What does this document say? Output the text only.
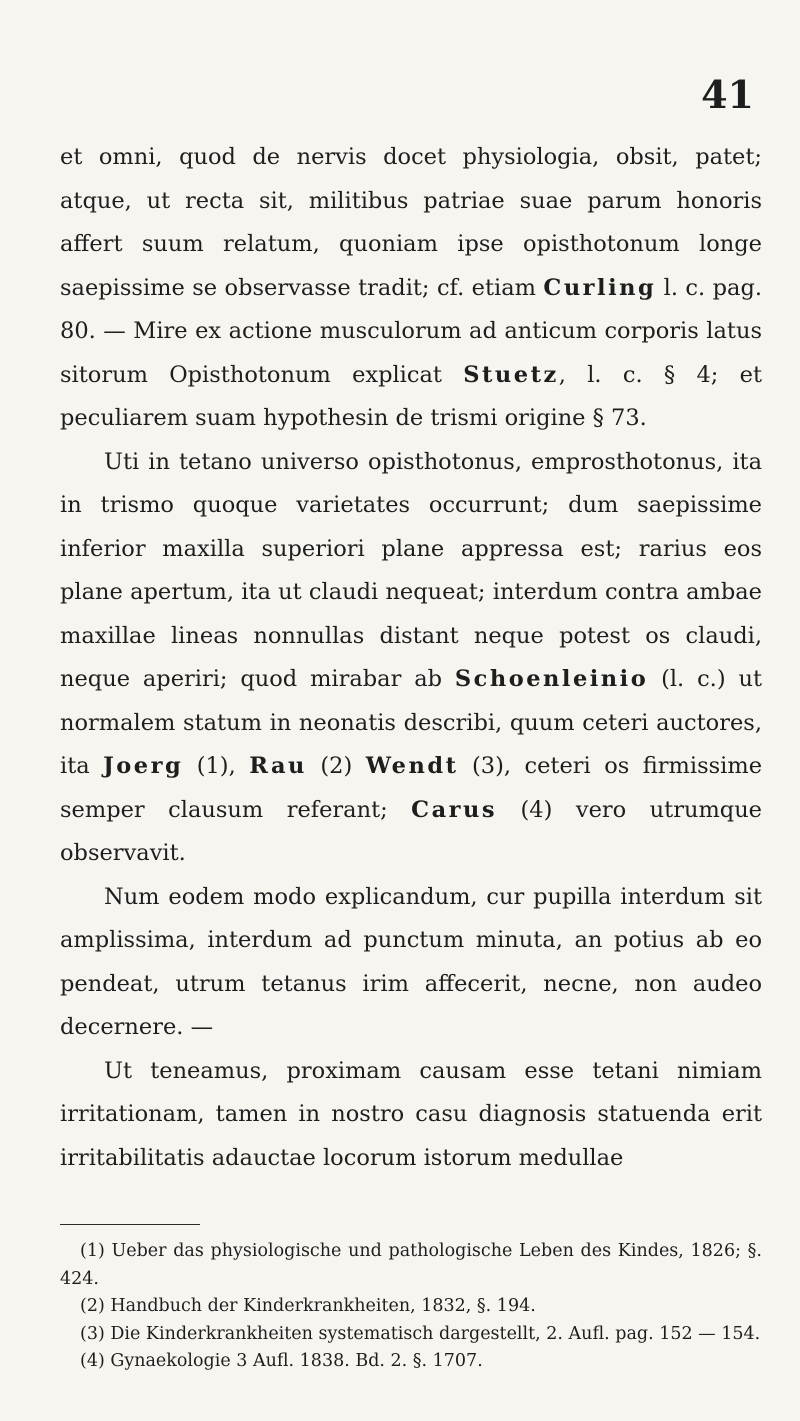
41

et omni, quod de nervis docet physiologia, obsit, patet; atque, ut recta sit, militibus patriae suae parum honoris affert suum relatum, quoniam ipse opisthotonum longe saepissime se observasse tradit; cf. etiam Curling l. c. pag. 80. — Mire ex actione musculorum ad anticum corporis latus sitorum Opisthotonum explicat Stuetz, l. c. § 4; et peculiarem suam hypothesin de trismi origine § 73.

Uti in tetano universo opisthotonus, emprosthotonus, ita in trismo quoque varietates occurrunt; dum saepissime inferior maxilla superiori plane appressa est; rarius eos plane apertum, ita ut claudi nequeat; interdum contra ambae maxillae lineas nonnullas distant neque potest os claudi, neque aperiri; quod mirabar ab Schoenleinio (l. c.) ut normalem statum in neonatis describi, quum ceteri auctores, ita Joerg (1), Rau (2) Wendt (3), ceteri os firmissime semper clausum referant; Carus (4) vero utrumque observavit.

Num eodem modo explicandum, cur pupilla interdum sit amplissima, interdum ad punctum minuta, an potius ab eo pendeat, utrum tetanus irim affecerit, necne, non audeo decernere. —

Ut teneamus, proximam causam esse tetani nimiam irritationam, tamen in nostro casu diagnosis statuenda erit irritabilitatis adauctae locorum istorum medullae

(1) Ueber das physiologische und pathologische Leben des Kindes, 1826; §. 424.

(2) Handbuch der Kinderkrankheiten, 1832, §. 194.

(3) Die Kinderkrankheiten systematisch dargestellt, 2. Aufl. pag. 152 — 154.

(4) Gynaekologie 3 Aufl. 1838. Bd. 2. §. 1707.
